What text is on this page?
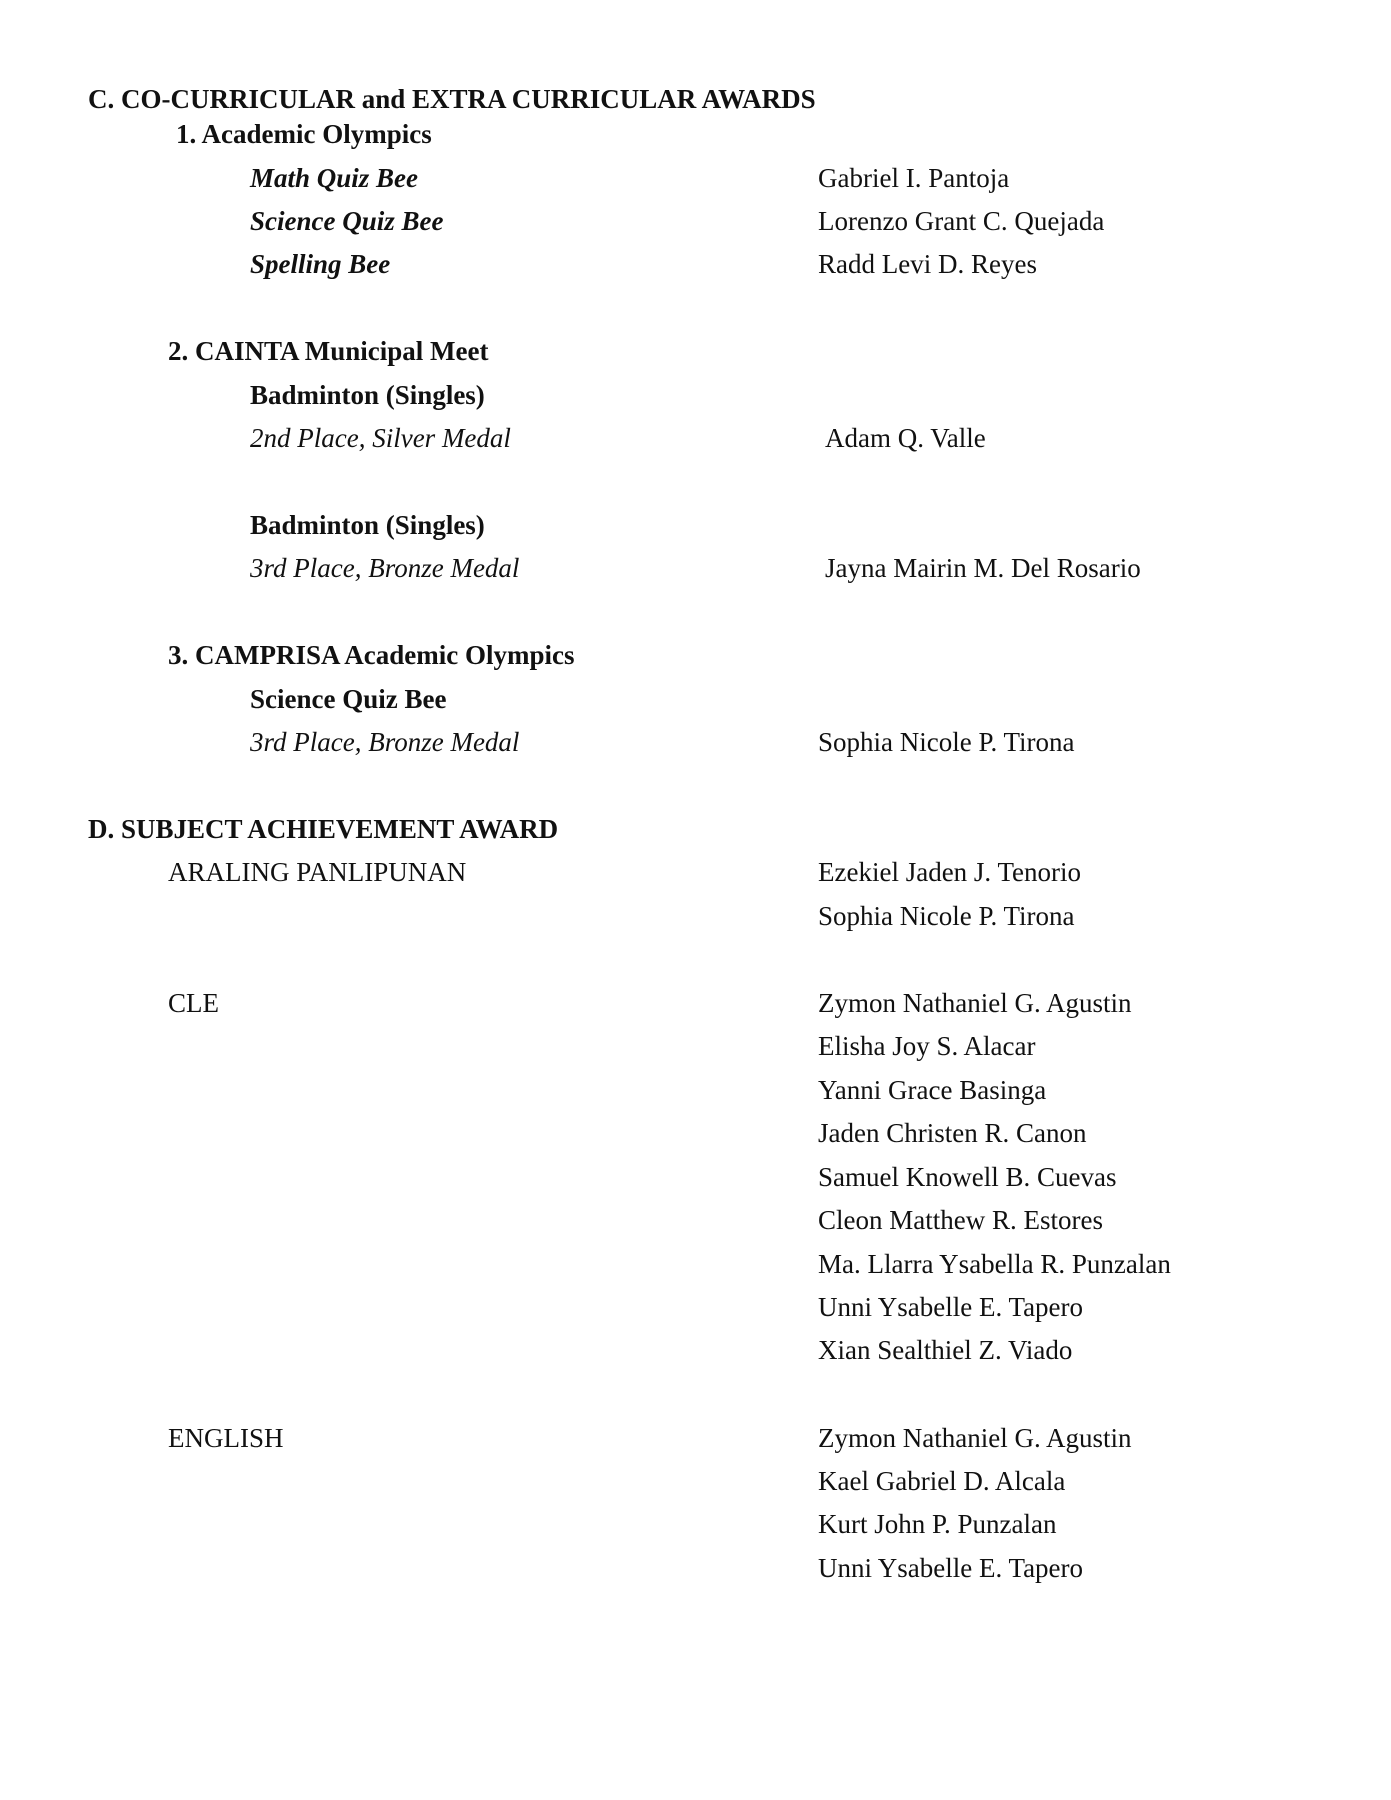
C. CO-CURRICULAR and EXTRA CURRICULAR AWARDS
1. Academic Olympics
Math Quiz Bee	Gabriel I. Pantoja
Science Quiz Bee	Lorenzo Grant C. Quejada
Spelling Bee	Radd Levi D. Reyes
2. CAINTA Municipal Meet
Badminton (Singles)
2nd Place, Silver Medal	Adam Q. Valle
Badminton (Singles)
3rd Place, Bronze Medal	Jayna Mairin M. Del Rosario
3. CAMPRISA Academic Olympics
Science Quiz Bee
3rd Place, Bronze Medal	Sophia Nicole P. Tirona
D. SUBJECT ACHIEVEMENT AWARD
ARALING PANLIPUNAN	Ezekiel Jaden J. Tenorio
Sophia Nicole P. Tirona
CLE	Zymon Nathaniel G. Agustin
Elisha Joy S. Alacar
Yanni Grace Basinga
Jaden Christen R. Canon
Samuel Knowell B. Cuevas
Cleon Matthew R. Estores
Ma. Llarra Ysabella R. Punzalan
Unni Ysabelle E. Tapero
Xian Sealthiel Z. Viado
ENGLISH	Zymon Nathaniel G. Agustin
Kael Gabriel D. Alcala
Kurt John P. Punzalan
Unni Ysabelle E. Tapero
